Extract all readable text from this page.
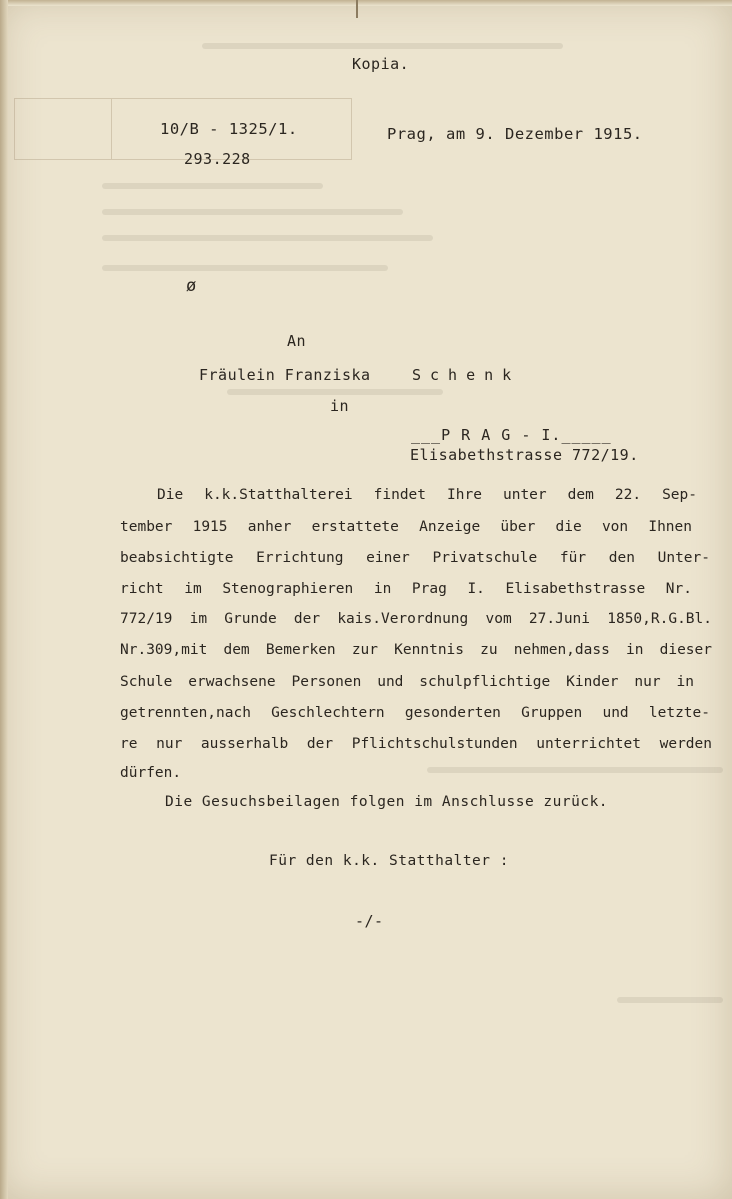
Kopia.
10/B - 1325/1.
293.228
Prag, am 9. Dezember 1915.
ø
An
Fräulein Franziska	Schenk
in
___P R A G - I._____
Elisabethstrasse 772/19.
Die k.k.Statthalterei findet Ihre unter dem 22. Sep-
tember 1915 anher erstattete Anzeige über die von Ihnen
beabsichtigte Errichtung einer Privatschule für den Unter-
richt im Stenographieren in Prag I. Elisabethstrasse Nr.
772/19 im Grunde der kais.Verordnung vom 27.Juni 1850,R.G.Bl.
Nr.309,mit dem Bemerken zur Kenntnis zu nehmen,dass in dieser
Schule erwachsene Personen und schulpflichtige Kinder nur in
getrennten,nach Geschlechtern gesonderten Gruppen und letzte-
re nur ausserhalb der Pflichtschulstunden unterrichtet werden
dürfen.
Die Gesuchsbeilagen folgen im Anschlusse zurück.
Für den k.k. Statthalter :
-/-
